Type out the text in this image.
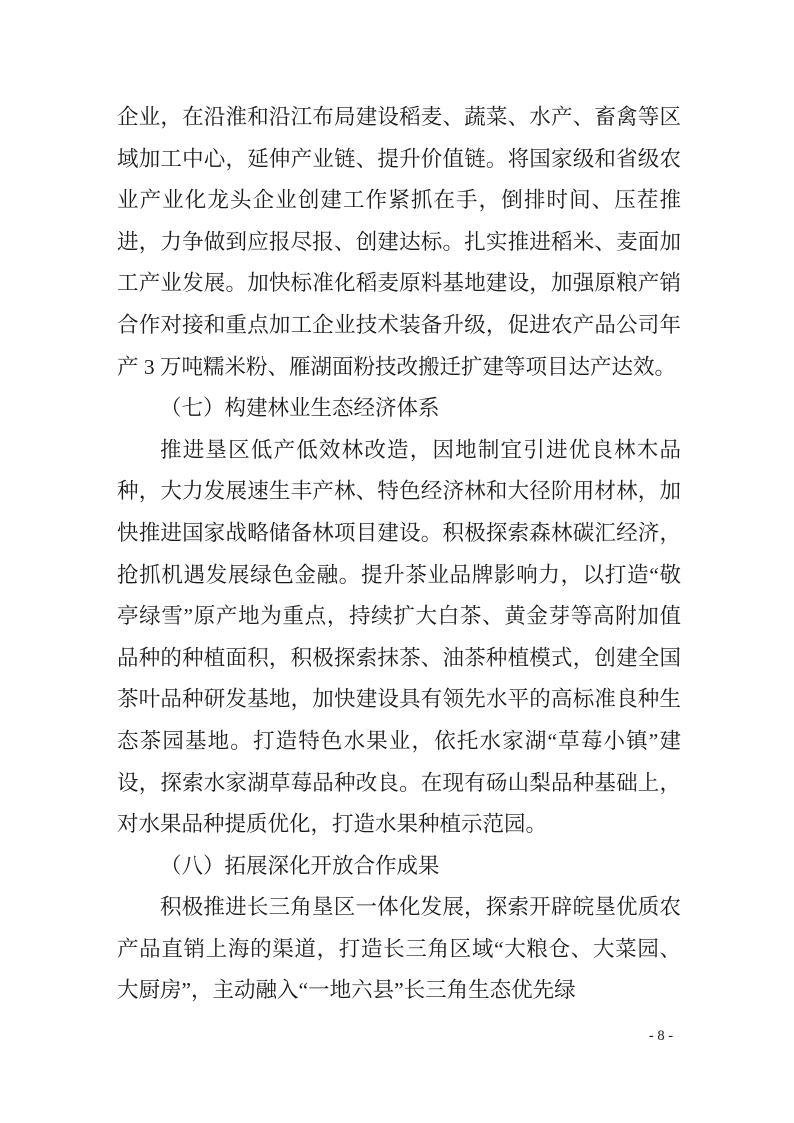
企业，在沿淮和沿江布局建设稻麦、蔬菜、水产、畜禽等区域加工中心，延伸产业链、提升价值链。将国家级和省级农业产业化龙头企业创建工作紧抓在手，倒排时间、压茬推进，力争做到应报尽报、创建达标。扎实推进稻米、麦面加工产业发展。加快标准化稻麦原料基地建设，加强原粮产销合作对接和重点加工企业技术装备升级，促进农产品公司年产 3 万吨糯米粉、雁湖面粉技改搬迁扩建等项目达产达效。

（七）构建林业生态经济体系

推进垦区低产低效林改造，因地制宜引进优良林木品种，大力发展速生丰产林、特色经济林和大径阶用材林，加快推进国家战略储备林项目建设。积极探索森林碳汇经济，抢抓机遇发展绿色金融。提升茶业品牌影响力，以打造“敬亭绿雪”原产地为重点，持续扩大白茶、黄金芽等高附加值品种的种植面积，积极探索抹茶、油茶种植模式，创建全国茶叶品种研发基地，加快建设具有领先水平的高标准良种生态茶园基地。打造特色水果业，依托水家湖“草莓小镇”建设，探索水家湖草莓品种改良。在现有砀山梨品种基础上，对水果品种提质优化，打造水果种植示范园。

（八）拓展深化开放合作成果

积极推进长三角垦区一体化发展，探索开辟皖垦优质农产品直销上海的渠道，打造长三角区域“大粮仓、大菜园、大厨房”，主动融入“一地六县”长三角生态优先绿

- 8 -
